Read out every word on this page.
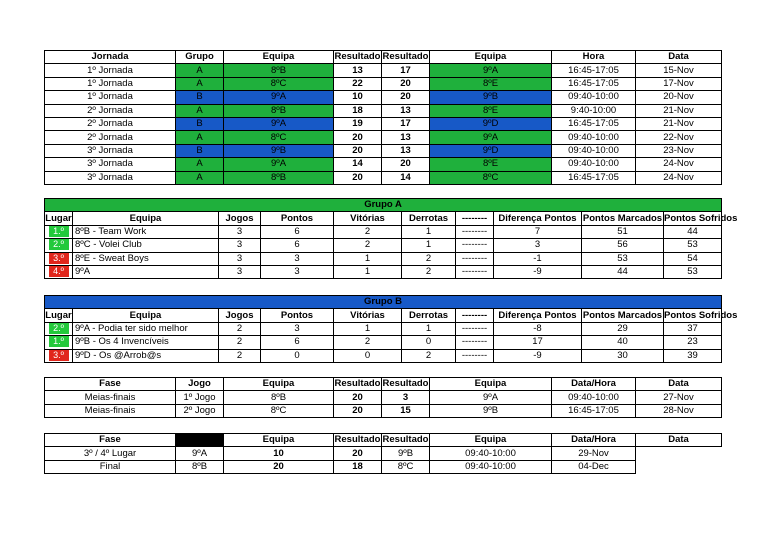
Jornada	Grupo	Equipa	Resultado	Resultado	Equipa	Hora	Data
1º Jornada	A	8ºB	13	17	9ºA	16:45-17:05	15-Nov
1º Jornada	A	8ºC	22	20	8ºE	16:45-17:05	17-Nov
1º Jornada	B	9ºA	10	20	9ºB	09:40-10:00	20-Nov
2º Jornada	A	8ºB	18	13	8ºE	9:40-10:00	21-Nov
2º Jornada	B	9ºA	19	17	9ºD	16:45-17:05	21-Nov
2º Jornada	A	8ºC	20	13	9ºA	09:40-10:00	22-Nov
3º Jornada	B	9ºB	20	13	9ºD	09:40-10:00	23-Nov
3º Jornada	A	9ºA	14	20	8ºE	09:40-10:00	24-Nov
3º Jornada	A	8ºB	20	14	8ºC	16:45-17:05	24-Nov
Grupo A									
Lugar	Equipa	Jogos	Pontos	Vitórias	Derrotas	--------	Diferença Pontos	Pontos Marcados	Pontos Sofridos
1.º	8ºB - Team Work	3	6	2	1	--------	7	51	44
2.º	8ºC - Volei Club	3	6	2	1	--------	3	56	53
3.º	8ºE - Sweat Boys	3	3	1	2	--------	-1	53	54
4.º	9ºA	3	3	1	2	--------	-9	44	53
Grupo B									
Lugar	Equipa	Jogos	Pontos	Vitórias	Derrotas	--------	Diferença Pontos	Pontos Marcados	Pontos Sofridos
2.º	9ºA - Podia ter sido melhor	2	3	1	1	--------	-8	29	37
1.º	9ºB - Os 4 Invencíveis	2	6	2	0	--------	17	40	23
3.º	9ºD - Os @Arrob@s	2	0	0	2	--------	-9	30	39
Fase	Jogo	Equipa	Resultado	Resultado	Equipa	Data/Hora	Data
Meias-finais	1º Jogo	8ºB	20	3	9ºA	09:40-10:00	27-Nov
Meias-finais	2º Jogo	8ºC	20	15	9ºB	16:45-17:05	28-Nov
Fase		Equipa	Resultado	Resultado	Equipa	Data/Hora	Data
3º / 4º Lugar	9ºA	10	20	9ºB	09:40-10:00	29-Nov	
Final	8ºB	20	18	8ºC	09:40-10:00	04-Dec	
